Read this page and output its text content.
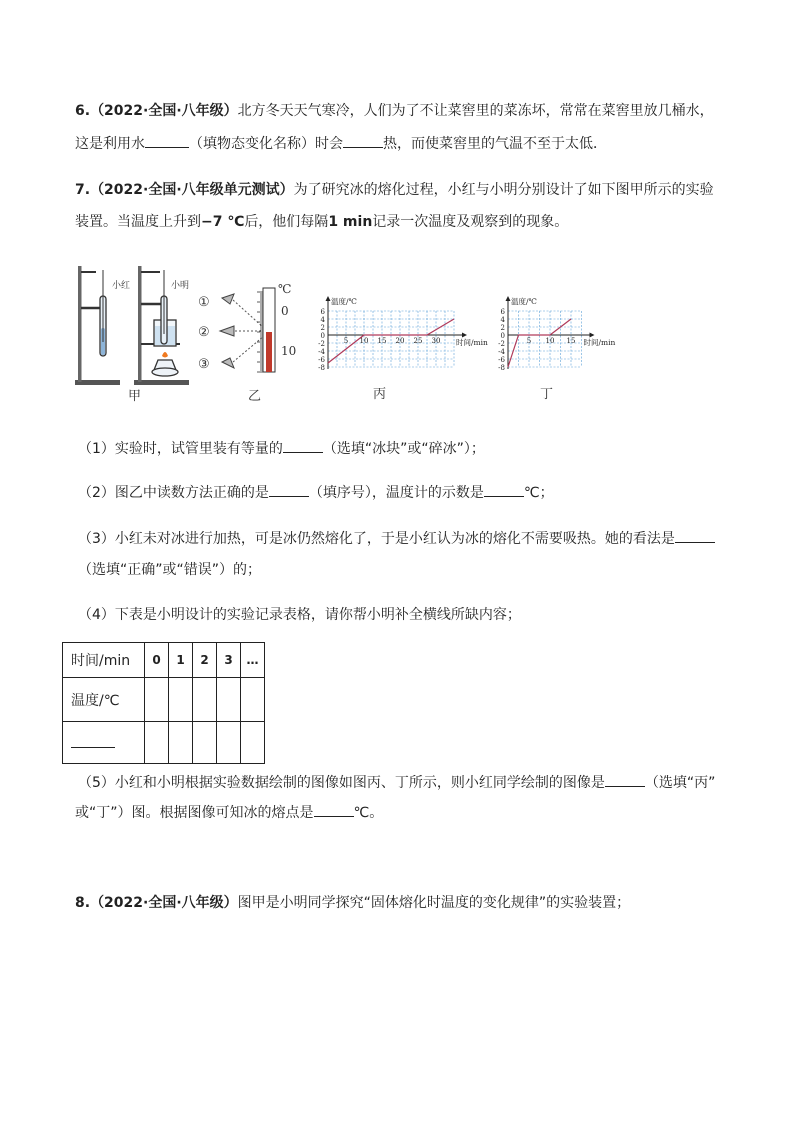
6.（2022·全国·八年级）北方冬天天气寒冷，人们为了不让菜窖里的菜冻坏，常常在菜窖里放几桶水，
这是利用水	（填物态变化名称）时会	热，而使菜窖里的气温不至于太低．
7.（2022·全国·八年级单元测试）为了研究冰的熔化过程，小红与小明分别设计了如下图甲所示的实验
装置。当温度上升到−7 ℃后，他们每隔1 min记录一次温度及观察到的现象。
小红	小明
甲
①
②
③
℃
0
10
乙
6
4
2
0
-2
-4
-6
-8
5 10 15 20 25 30
温度/℃
时间/min
丙
6
4
2
0
-2
-4
-6
-8
5 10 15
温度/℃
时间/min
丁
（1）实验时，试管里装有等量的	（选填“冰块”或“碎冰”）；
（2）图乙中读数方法正确的是	（填序号），温度计的示数是	℃；
（3）小红未对冰进行加热，可是冰仍然熔化了，于是小红认为冰的熔化不需要吸热。她的看法是
（选填“正确”或“错误”）的；
（4）下表是小明设计的实验记录表格，请你帮小明补全横线所缺内容；
时间/min	0	1	2	3	…
温度/℃					

（5）小红和小明根据实验数据绘制的图像如图丙、丁所示，则小红同学绘制的图像是	（选填“丙”
或“丁”）图。根据图像可知冰的熔点是	℃。
8.（2022·全国·八年级）图甲是小明同学探究“固体熔化时温度的变化规律”的实验装置；
